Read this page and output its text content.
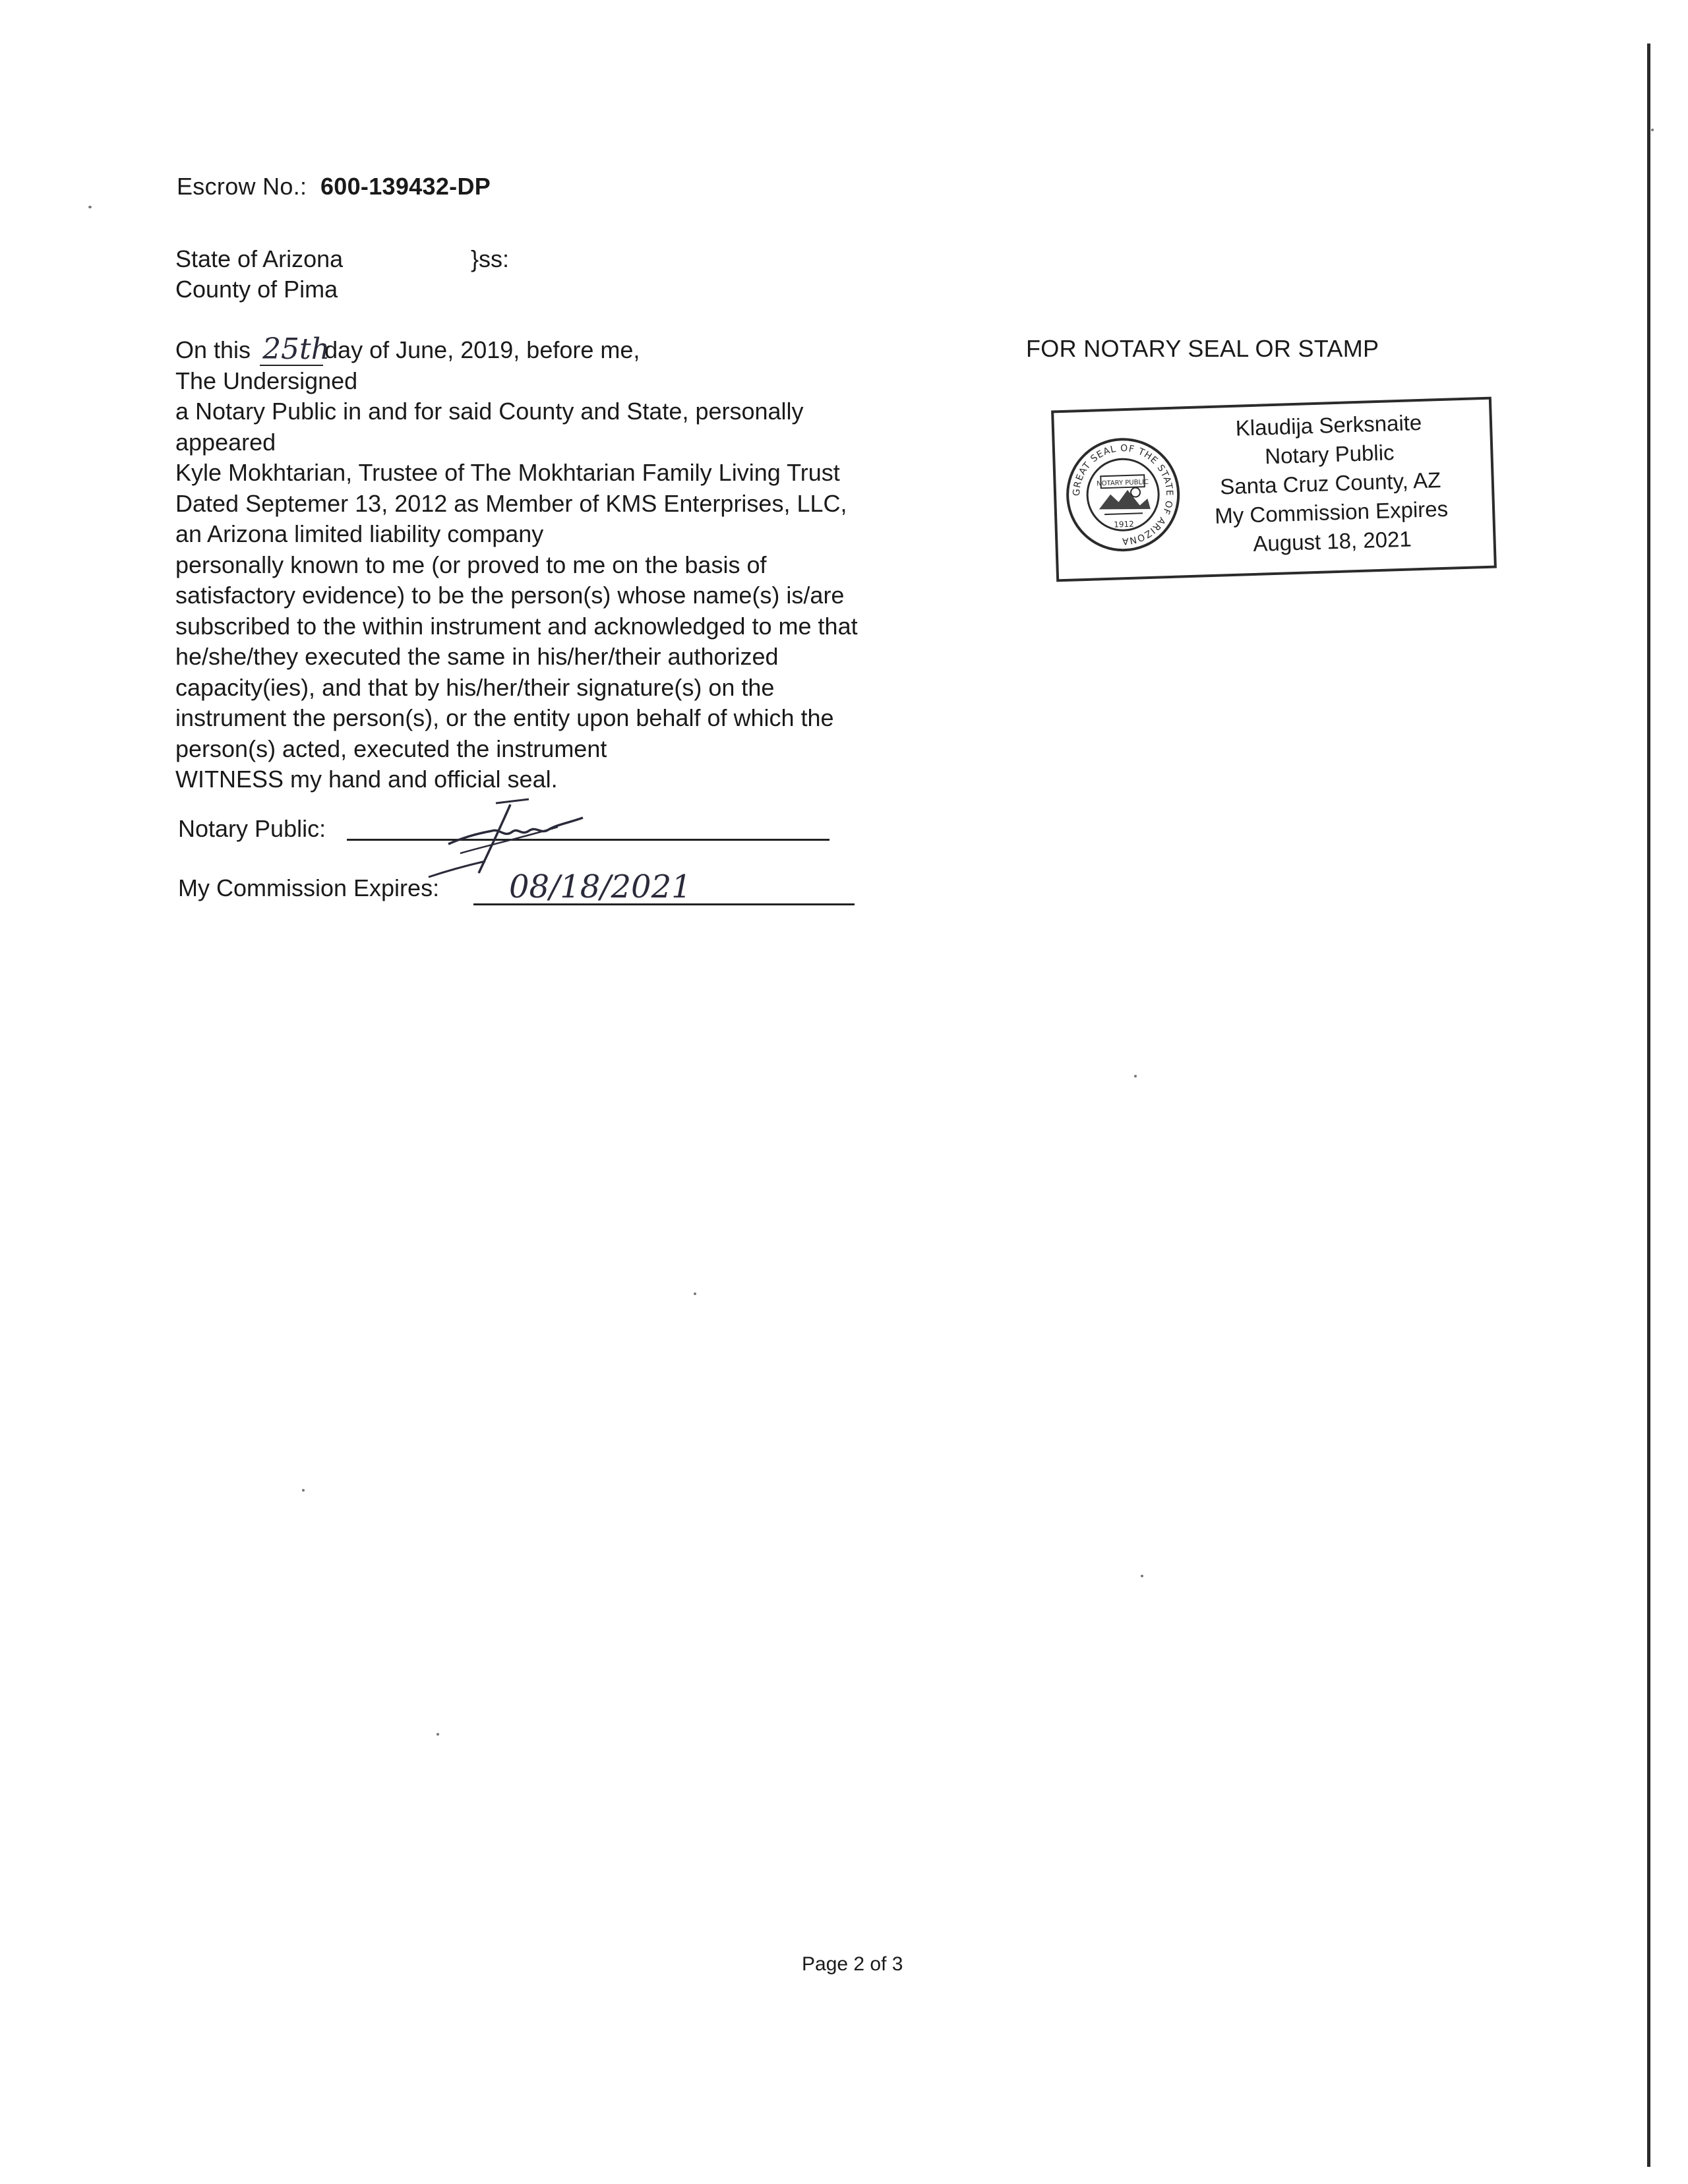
Escrow No.: 600-139432-DP
State of Arizona
County of Pima
}ss:
On this 25th
day of June, 2019, before me,
The Undersigned
a Notary Public in and for said County and State, personally
appeared
Kyle Mokhtarian, Trustee of The Mokhtarian Family Living Trust
Dated Septemer 13, 2012 as Member of KMS Enterprises, LLC,
an Arizona limited liability company
personally known to me (or proved to me on the basis of
satisfactory evidence) to be the person(s) whose name(s) is/are
subscribed to the within instrument and acknowledged to me that
he/she/they executed the same in his/her/their authorized
capacity(ies), and that by his/her/their signature(s) on the
instrument the person(s), or the entity upon behalf of which the
person(s) acted, executed the instrument
WITNESS my hand and official seal.
Notary Public:
My Commission Expires: 08/18/2021
FOR NOTARY SEAL OR STAMP
GREAT SEAL OF THE STATE OF ARIZONA
NOTARY PUBLIC
1912
Klaudija Serksnaite
Notary Public
Santa Cruz County, AZ
My Commission Expires
August 18, 2021
Page 2 of 3
